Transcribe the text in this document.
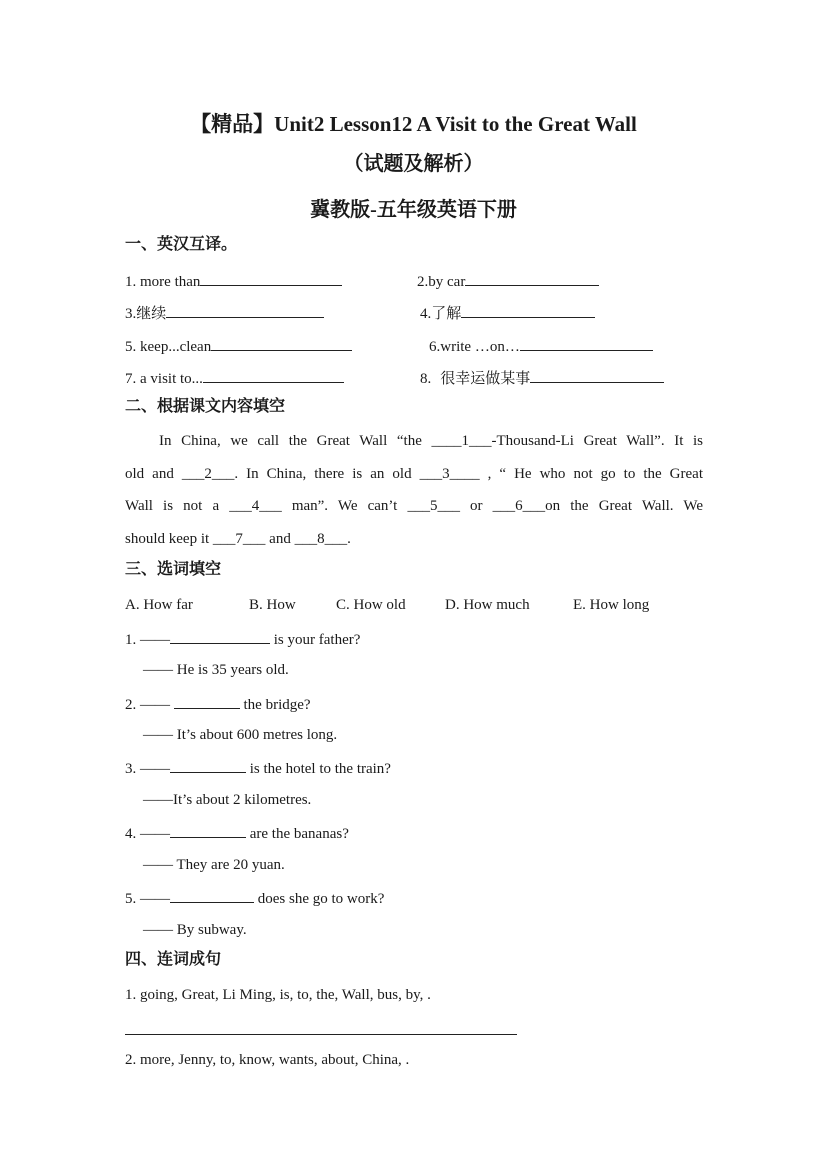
【精品】Unit2 Lesson12 A Visit to the Great Wall
（试题及解析）
冀教版-五年级英语下册
一、英汉互译。
1. more than	2.by car
3.继续	4.了解
5. keep...clean	6.write …on…
7. a visit to...	8. 很幸运做某事
二、根据课文内容填空
In China, we call the Great Wall “the ____1___-Thousand-Li Great Wall”. It is
old and ___2___. In China, there is an old ___3____ , “ He who not go to the Great
Wall is not a ___4___ man”. We can’t ___5___ or ___6___on the Great Wall. We
should keep it ___7___ and ___8___.
三、选词填空
A. How far	B. How	C. How old	D. How much	E. How long
1. ——	is your father?
—— He is 35 years old.
2. ——	the bridge?
—— It’s about 600 metres long.
3. ——	is the hotel to the train?
——It’s about 2 kilometres.
4. ——	are the bananas?
—— They are 20 yuan.
5. ——	does she go to work?
—— By subway.
四、连词成句
1. going, Great, Li Ming, is, to, the, Wall, bus, by, .
2. more, Jenny, to, know, wants, about, China, .
